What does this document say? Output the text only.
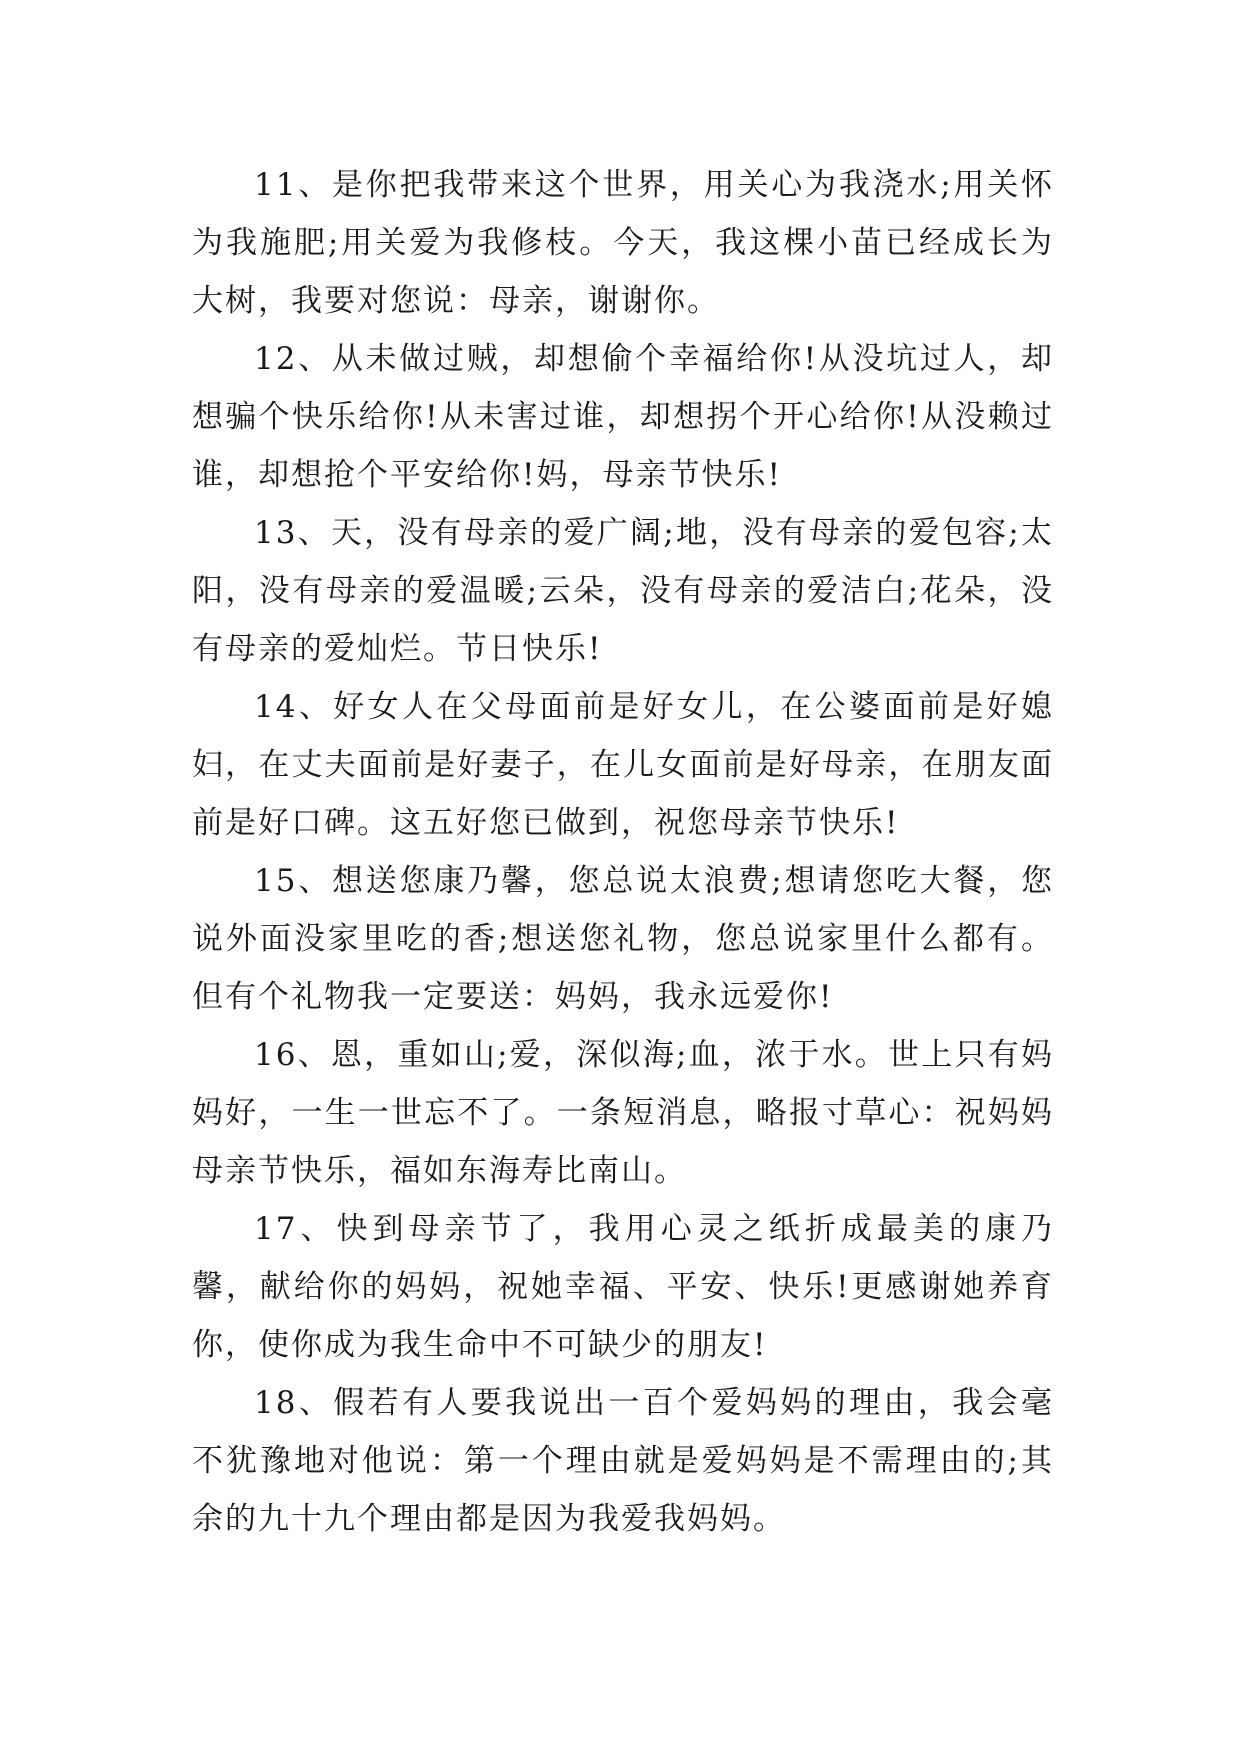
11、是你把我带来这个世界，用关心为我浇水;用关怀为我施肥;用关爱为我修枝。今天，我这棵小苗已经成长为大树，我要对您说：母亲，谢谢你。

12、从未做过贼，却想偷个幸福给你!从没坑过人，却想骗个快乐给你!从未害过谁，却想拐个开心给你!从没赖过谁，却想抢个平安给你!妈，母亲节快乐!

13、天，没有母亲的爱广阔;地，没有母亲的爱包容;太阳，没有母亲的爱温暖;云朵，没有母亲的爱洁白;花朵，没有母亲的爱灿烂。节日快乐!

14、好女人在父母面前是好女儿，在公婆面前是好媳妇，在丈夫面前是好妻子，在儿女面前是好母亲，在朋友面前是好口碑。这五好您已做到，祝您母亲节快乐!

15、想送您康乃馨，您总说太浪费;想请您吃大餐，您说外面没家里吃的香;想送您礼物，您总说家里什么都有。但有个礼物我一定要送：妈妈，我永远爱你!

16、恩，重如山;爱，深似海;血，浓于水。世上只有妈妈好，一生一世忘不了。一条短消息，略报寸草心：祝妈妈母亲节快乐，福如东海寿比南山。

17、快到母亲节了，我用心灵之纸折成最美的康乃馨，献给你的妈妈，祝她幸福、平安、快乐!更感谢她养育你，使你成为我生命中不可缺少的朋友!

18、假若有人要我说出一百个爱妈妈的理由，我会毫不犹豫地对他说：第一个理由就是爱妈妈是不需理由的;其余的九十九个理由都是因为我爱我妈妈。
